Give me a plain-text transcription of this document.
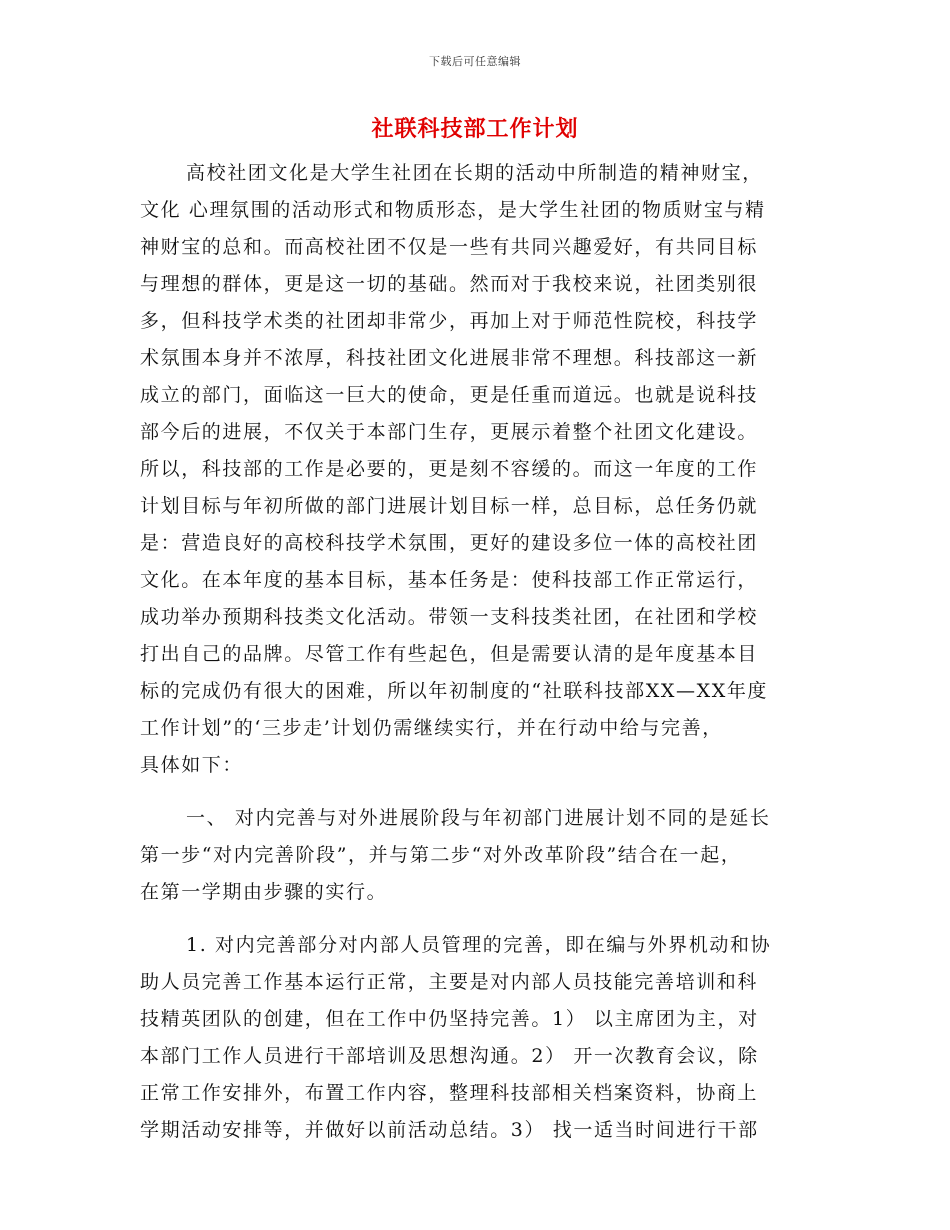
下载后可任意编辑
社联科技部工作计划
高校社团文化是大学生社团在长期的活动中所制造的精神财宝，
文化 心理氛围的活动形式和物质形态，是大学生社团的物质财宝与精
神财宝的总和。而高校社团不仅是一些有共同兴趣爱好，有共同目标
与理想的群体，更是这一切的基础。然而对于我校来说，社团类别很
多，但科技学术类的社团却非常少，再加上对于师范性院校，科技学
术氛围本身并不浓厚，科技社团文化进展非常不理想。科技部这一新
成立的部门，面临这一巨大的使命，更是任重而道远。也就是说科技
部今后的进展，不仅关于本部门生存，更展示着整个社团文化建设。
所以，科技部的工作是必要的，更是刻不容缓的。而这一年度的工作
计划目标与年初所做的部门进展计划目标一样，总目标，总任务仍就
是：营造良好的高校科技学术氛围，更好的建设多位一体的高校社团
文化。在本年度的基本目标，基本任务是：使科技部工作正常运行，
成功举办预期科技类文化活动。带领一支科技类社团，在社团和学校
打出自己的品牌。尽管工作有些起色，但是需要认清的是年度基本目
标的完成仍有很大的困难，所以年初制度的“社联科技部XX—XX年度
工作计划”的‘三步走’计划仍需继续实行，并在行动中给与完善，
具体如下：
一、 对内完善与对外进展阶段与年初部门进展计划不同的是延长
第一步“对内完善阶段”，并与第二步“对外改革阶段”结合在一起，
在第一学期由步骤的实行。
1. 对内完善部分对内部人员管理的完善，即在编与外界机动和协
助人员完善工作基本运行正常，主要是对内部人员技能完善培训和科
技精英团队的创建，但在工作中仍坚持完善。1） 以主席团为主，对
本部门工作人员进行干部培训及思想沟通。2） 开一次教育会议，除
正常工作安排外，布置工作内容，整理科技部相关档案资料，协商上
学期活动安排等，并做好以前活动总结。3） 找一适当时间进行干部
